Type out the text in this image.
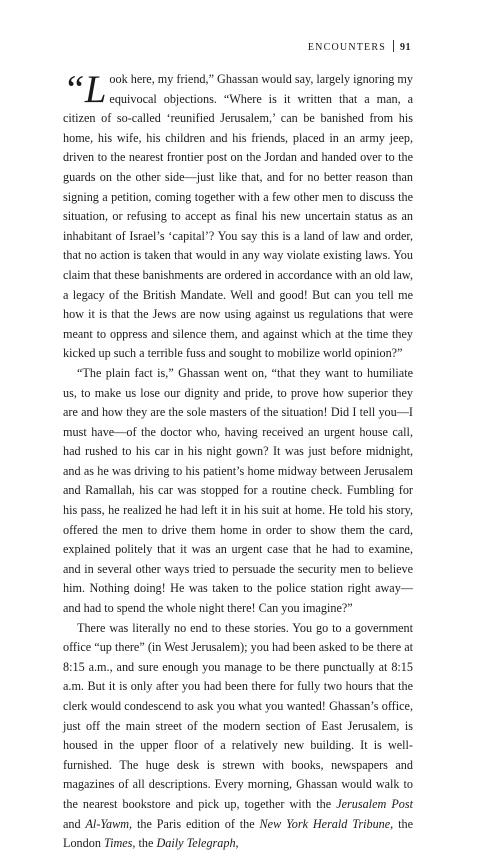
ENCOUNTERS 91

“L ook here, my friend,” Ghassan would say, largely ignoring my equivocal objections. “Where is it written that a man, a citizen of so-called ‘reunified Jerusalem,’ can be banished from his home, his wife, his children and his friends, placed in an army jeep, driven to the nearest frontier post on the Jordan and handed over to the guards on the other side—just like that, and for no better reason than signing a petition, coming together with a few other men to discuss the situation, or refusing to accept as final his new uncertain status as an inhabitant of Israel’s ‘capital’? You say this is a land of law and order, that no action is taken that would in any way violate existing laws. You claim that these banishments are ordered in accordance with an old law, a legacy of the British Mandate. Well and good! But can you tell me how it is that the Jews are now using against us regulations that were meant to oppress and silence them, and against which at the time they kicked up such a terrible fuss and sought to mobilize world opinion?”

“The plain fact is,” Ghassan went on, “that they want to humiliate us, to make us lose our dignity and pride, to prove how superior they are and how they are the sole masters of the situation! Did I tell you—I must have—of the doctor who, having received an urgent house call, had rushed to his car in his night gown? It was just before midnight, and as he was driving to his patient’s home midway between Jerusalem and Ramallah, his car was stopped for a routine check. Fumbling for his pass, he realized he had left it in his suit at home. He told his story, offered the men to drive them home in order to show them the card, explained politely that it was an urgent case that he had to examine, and in several other ways tried to persuade the security men to believe him. Nothing doing! He was taken to the police station right away—and had to spend the whole night there! Can you imagine?”

There was literally no end to these stories. You go to a government office “up there” (in West Jerusalem); you had been asked to be there at 8:15 a.m., and sure enough you manage to be there punctually at 8:15 a.m. But it is only after you had been there for fully two hours that the clerk would condescend to ask you what you wanted! Ghassan’s office, just off the main street of the modern section of East Jerusalem, is housed in the upper floor of a relatively new building. It is well-furnished. The huge desk is strewn with books, newspapers and magazines of all descriptions. Every morning, Ghassan would walk to the nearest bookstore and pick up, together with the Jerusalem Post and Al-Yawm, the Paris edition of the New York Herald Tribune, the London Times, the Daily Telegraph,
